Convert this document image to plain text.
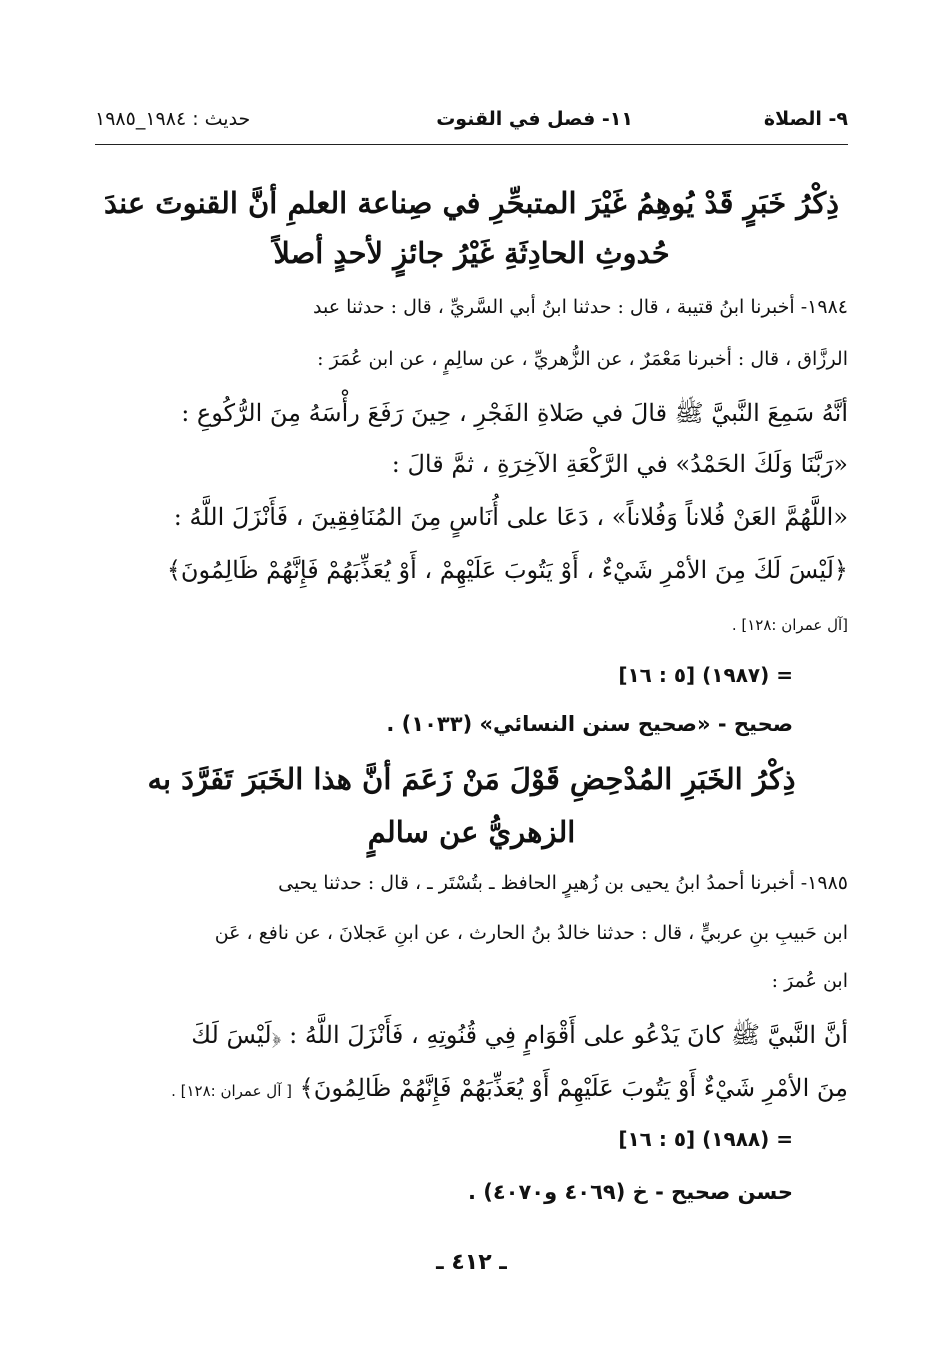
٩- الصلاة
١١- فصل في القنوت
حديث : ١٩٨٤_١٩٨٥
ذِكْرُ خَبَرٍ قَدْ يُوهِمُ غَيْرَ المتبحِّرِ في صِناعة العلمِ أنَّ القنوتَ عندَ
حُدوثِ الحادِثَةِ غَيْرُ جائزٍ لأحدٍ أصلاً
١٩٨٤- أخبرنا ابنُ قتيبة ، قال : حدثنا ابنُ أبي السَّريِّ ، قال : حدثنا عبد
الرزَّاق ، قال : أخبرنا مَعْمَرٌ ، عن الزُّهريِّ ، عن سالِمٍ ، عن ابن عُمَرَ :
أنَّهُ سَمِعَ النَّبيَّ ﷺ قالَ في صَلاةِ الفَجْرِ ، حِينَ رَفَعَ رأْسَهُ مِنَ الرُّكُوعِ :
«رَبَّنَا وَلَكَ الحَمْدُ» في الرَّكْعَةِ الآخِرَةِ ، ثمَّ قالَ :
«اللَّهُمَّ العَنْ فُلاناً وَفُلاناً» ، دَعَا على أُنَاسٍ مِنَ المُنَافِقِينَ ، فَأَنْزَلَ اللَّهُ :
﴿لَيْسَ لَكَ مِنَ الأمْرِ شَيْءٌ ، أَوْ يَتُوبَ عَلَيْهِمْ ، أَوْ يُعَذِّبَهُمْ فَإِنَّهُمْ ظَالِمُونَ﴾
[آل عمران :١٢٨] .
= (١٩٨٧) [٥ : ١٦]
صحيح - «صحيح سنن النسائي» (١٠٣٣) .
ذِكْرُ الخَبَرِ المُدْحِضِ قَوْلَ مَنْ زَعَمَ أنَّ هذا الخَبَرَ تَفَرَّدَ به
الزهريُّ عن سالمٍ
١٩٨٥- أخبرنا أحمدُ ابنُ يحيى بن زُهيرٍ الحافظ ـ بتُسْتَر ـ ، قال : حدثنا يحيى
ابن حَبيبِ بنِ عربيٍّ ، قال : حدثنا خالدُ بنُ الحارث ، عن ابنِ عَجلانَ ، عن نافع ، عَن
ابن عُمرَ :
أنَّ النَّبيَّ ﷺ كانَ يَدْعُو على أَقْوَامٍ فِي قُنُوتِهِ ، فَأَنْزَلَ اللَّهُ : ﴿لَيْسَ لَكَ
مِنَ الأمْرِ شَيْءٌ أَوْ يَتُوبَ عَلَيْهِمْ أَوْ يُعَذِّبَهُمْ فَإِنَّهُمْ ظَالِمُونَ﴾ [ آل عمران :١٢٨] .
= (١٩٨٨) [٥ : ١٦]
حسن صحيح - خ (٤٠٦٩ و٤٠٧٠) .
ـ ٤١٢ ـ
